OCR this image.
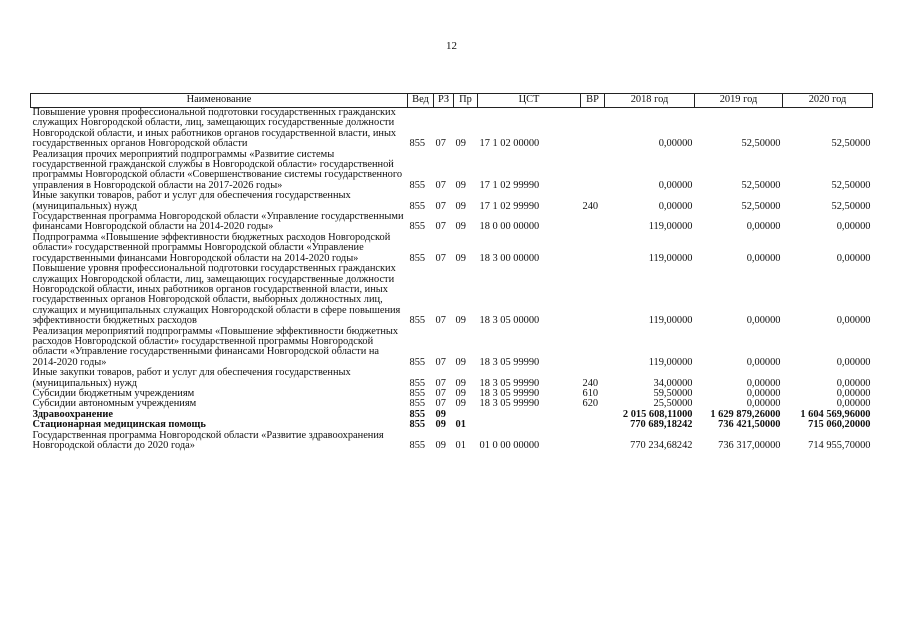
12
Наименование	Вед	РЗ	Пр	ЦСТ	ВР	2018 год	2019 год	2020 год
Повышение уровня профессиональной подготовки государственных гражданских служащих Новгородской области, лиц, замещающих государственные должности Новгородской области, и иных работников органов государственной власти, иных государственных органов Новгородской области	855	07	09	17 1 02 00000		0,00000	52,50000	52,50000
Реализация прочих мероприятий подпрограммы «Развитие системы государственной гражданской службы в Новгородской области» государственной программы Новгородской области «Совершенствование системы государственного управления в Новгородской области на 2017-2026 годы»	855	07	09	17 1 02 99990		0,00000	52,50000	52,50000
Иные закупки товаров, работ и услуг для обеспечения государственных (муниципальных) нужд	855	07	09	17 1 02 99990	240	0,00000	52,50000	52,50000
Государственная программа Новгородской области «Управление государственными финансами Новгородской области на 2014-2020 годы»	855	07	09	18 0 00 00000		119,00000	0,00000	0,00000
Подпрограмма «Повышение эффективности бюджетных расходов Новгородской области» государственной программы Новгородской области «Управление государственными финансами Новгородской области на 2014-2020 годы»	855	07	09	18 3 00 00000		119,00000	0,00000	0,00000
Повышение уровня профессиональной подготовки государственных гражданских служащих Новгородской области, лиц, замещающих государственные должности Новгородской области, иных работников органов государственной власти, иных государственных органов Новгородской области, выборных должностных лиц, служащих и муниципальных служащих Новгородской области в сфере повышения эффективности бюджетных расходов	855	07	09	18 3 05 00000		119,00000	0,00000	0,00000
Реализация мероприятий подпрограммы «Повышение эффективности бюджетных расходов Новгородской области» государственной программы Новгородской области «Управление государственными финансами Новгородской области на 2014-2020 годы»	855	07	09	18 3 05 99990		119,00000	0,00000	0,00000
Иные закупки товаров, работ и услуг для обеспечения государственных (муниципальных) нужд	855	07	09	18 3 05 99990	240	34,00000	0,00000	0,00000
Субсидии бюджетным учреждениям	855	07	09	18 3 05 99990	610	59,50000	0,00000	0,00000
Субсидии автономным учреждениям	855	07	09	18 3 05 99990	620	25,50000	0,00000	0,00000
Здравоохранение	855	09				2 015 608,11000	1 629 879,26000	1 604 569,96000
Стационарная медицинская помощь	855	09	01			770 689,18242	736 421,50000	715 060,20000
Государственная программа Новгородской области «Развитие здравоохранения Новгородской области до 2020 года»	855	09	01	01 0 00 00000		770 234,68242	736 317,00000	714 955,70000
